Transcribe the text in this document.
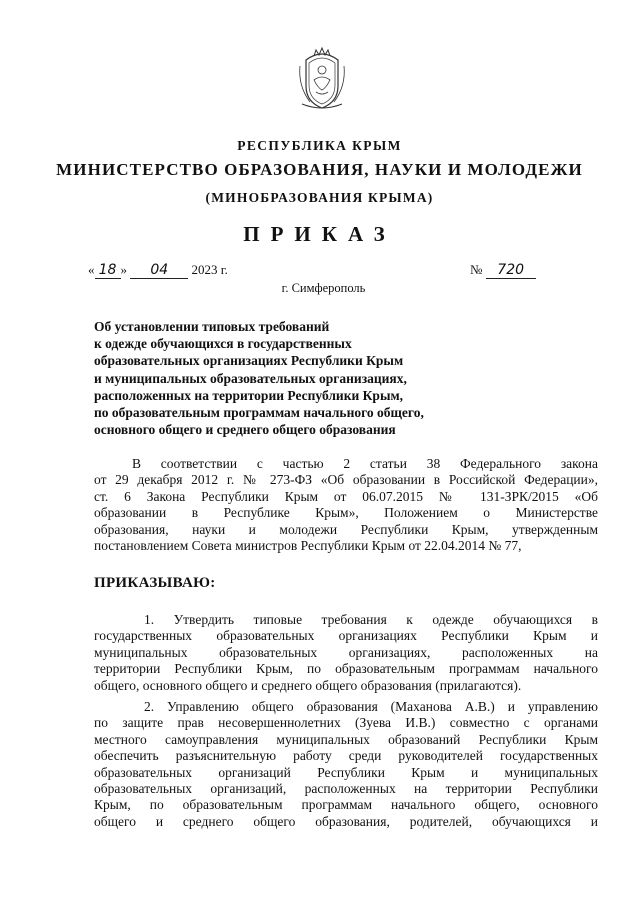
РЕСПУБЛИКА КРЫМ
МИНИСТЕРСТВО ОБРАЗОВАНИЯ, НАУКИ И МОЛОДЕЖИ
(МИНОБРАЗОВАНИЯ КРЫМА)
ПРИКАЗ
« 18 » 04 2023 г.	№ 720
г. Симферополь
Об установлении типовых требований
к одежде обучающихся в государственных
образовательных организациях Республики Крым
и муниципальных образовательных организациях,
расположенных на территории Республики Крым,
по образовательным программам начального общего,
основного общего и среднего общего образования
В соответствии с частью 2 статьи 38 Федерального закона
от 29 декабря 2012 г. № 273-ФЗ «Об образовании в Российской Федерации»,
ст. 6 Закона Республики Крым от 06.07.2015 № 131-ЗРК/2015 «Об
образовании в Республике Крым», Положением о Министерстве
образования, науки и молодежи Республики Крым, утвержденным
постановлением Совета министров Республики Крым от 22.04.2014 № 77,
ПРИКАЗЫВАЮ:
1. Утвердить типовые требования к одежде обучающихся в
государственных образовательных организациях Республики Крым и
муниципальных образовательных организациях, расположенных на
территории Республики Крым, по образовательным программам начального
общего, основного общего и среднего общего образования (прилагаются).
2. Управлению общего образования (Маханова А.В.) и управлению
по защите прав несовершеннолетних (Зуева И.В.) совместно с органами
местного самоуправления муниципальных образований Республики Крым
обеспечить разъяснительную работу среди руководителей государственных
образовательных организаций Республики Крым и муниципальных
образовательных организаций, расположенных на территории Республики
Крым, по образовательным программам начального общего, основного
общего и среднего общего образования, родителей, обучающихся и
